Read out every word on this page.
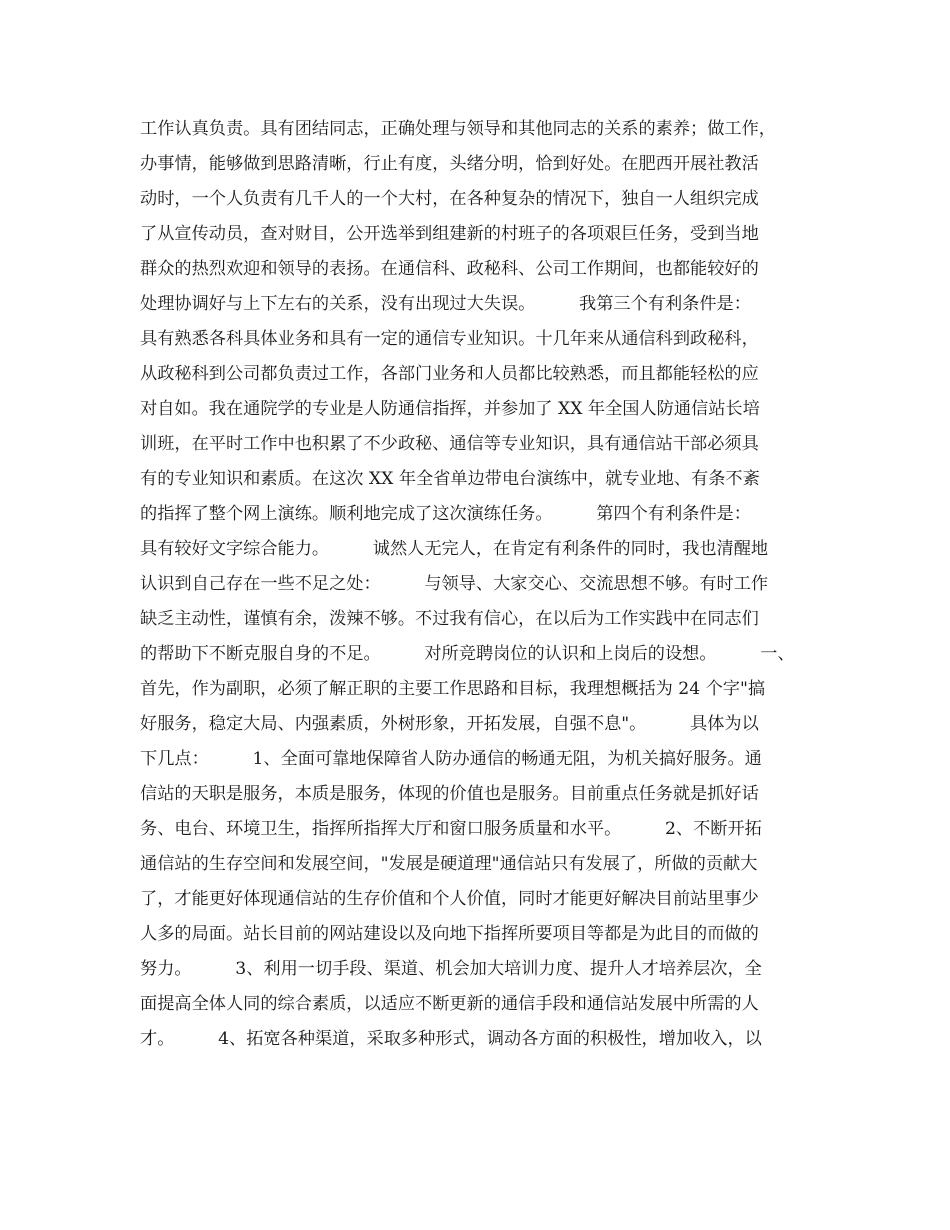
工作认真负责。具有团结同志，正确处理与领导和其他同志的关系的素养；做工作，
办事情，能够做到思路清晰，行止有度，头绪分明，恰到好处。在肥西开展社教活
动时，一个人负责有几千人的一个大村，在各种复杂的情况下，独自一人组织完成
了从宣传动员，查对财目，公开选举到组建新的村班子的各项艰巨任务，受到当地
群众的热烈欢迎和领导的表扬。在通信科、政秘科、公司工作期间，也都能较好的
处理协调好与上下左右的关系，没有出现过大失误。        我第三个有利条件是：
具有熟悉各科具体业务和具有一定的通信专业知识。十几年来从通信科到政秘科，
从政秘科到公司都负责过工作，各部门业务和人员都比较熟悉，而且都能轻松的应
对自如。我在通院学的专业是人防通信指挥，并参加了 XX 年全国人防通信站长培
训班，在平时工作中也积累了不少政秘、通信等专业知识，具有通信站干部必须具
有的专业知识和素质。在这次 XX 年全省单边带电台演练中，就专业地、有条不紊
的指挥了整个网上演练。顺利地完成了这次演练任务。        第四个有利条件是：
具有较好文字综合能力。        诚然人无完人，在肯定有利条件的同时，我也清醒地
认识到自己存在一些不足之处：        与领导、大家交心、交流思想不够。有时工作
缺乏主动性，谨慎有余，泼辣不够。不过我有信心，在以后为工作实践中在同志们
的帮助下不断克服自身的不足。        对所竞聘岗位的认识和上岗后的设想。        一、
首先，作为副职，必须了解正职的主要工作思路和目标，我理想概括为 24 个字"搞
好服务，稳定大局、内强素质，外树形象，开拓发展，自强不息"。        具体为以
下几点：        1、全面可靠地保障省人防办通信的畅通无阻，为机关搞好服务。通
信站的天职是服务，本质是服务，体现的价值也是服务。目前重点任务就是抓好话
务、电台、环境卫生，指挥所指挥大厅和窗口服务质量和水平。        2、不断开拓
通信站的生存空间和发展空间，"发展是硬道理"通信站只有发展了，所做的贡献大
了，才能更好体现通信站的生存价值和个人价值，同时才能更好解决目前站里事少
人多的局面。站长目前的网站建设以及向地下指挥所要项目等都是为此目的而做的
努力。        3、利用一切手段、渠道、机会加大培训力度、提升人才培养层次，全
面提高全体人同的综合素质，以适应不断更新的通信手段和通信站发展中所需的人
才。        4、拓宽各种渠道，采取多种形式，调动各方面的积极性，增加收入，以
